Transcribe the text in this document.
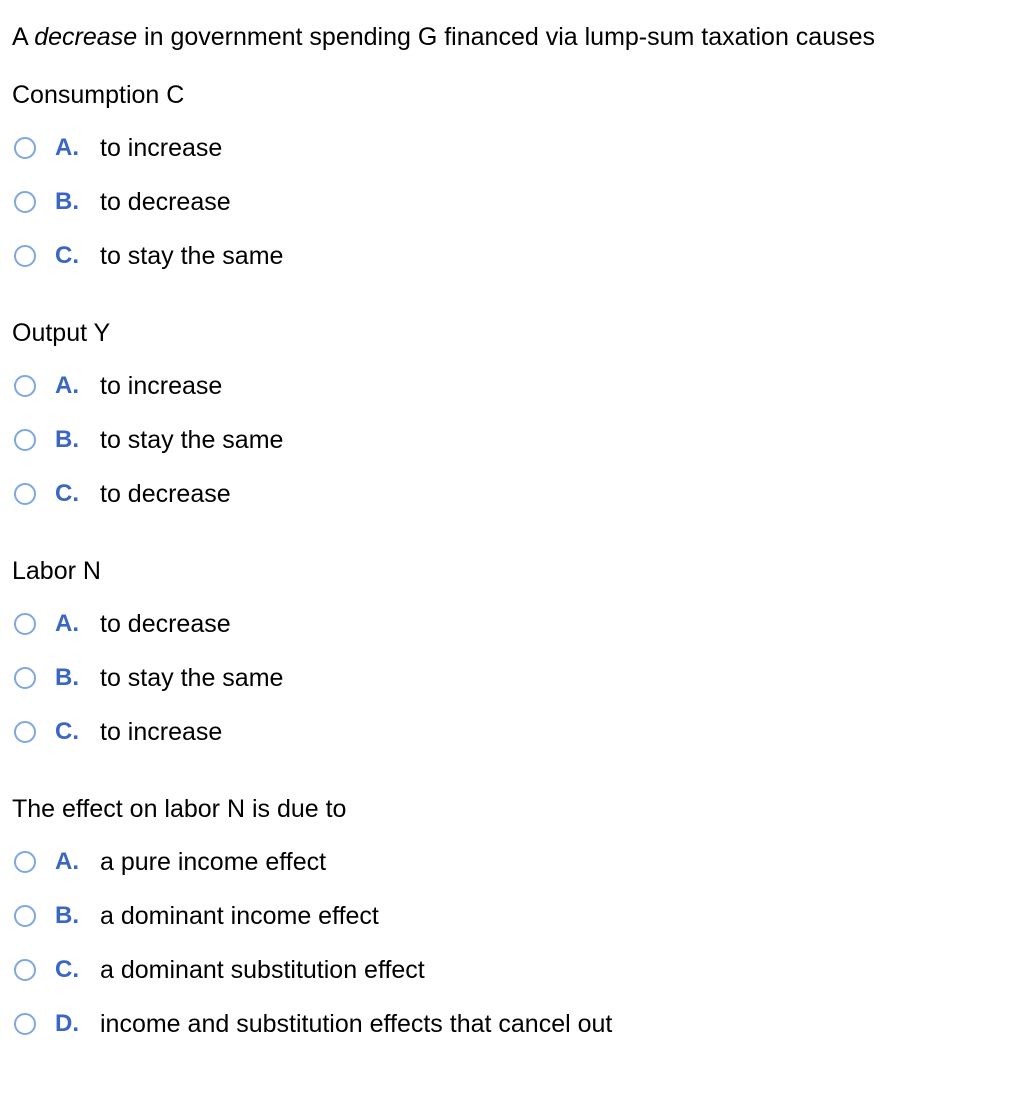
A decrease in government spending G financed via lump-sum taxation causes
Consumption C
A. to increase
B. to decrease
C. to stay the same
Output Y
A. to increase
B. to stay the same
C. to decrease
Labor N
A. to decrease
B. to stay the same
C. to increase
The effect on labor N is due to
A. a pure income effect
B. a dominant income effect
C. a dominant substitution effect
D. income and substitution effects that cancel out
